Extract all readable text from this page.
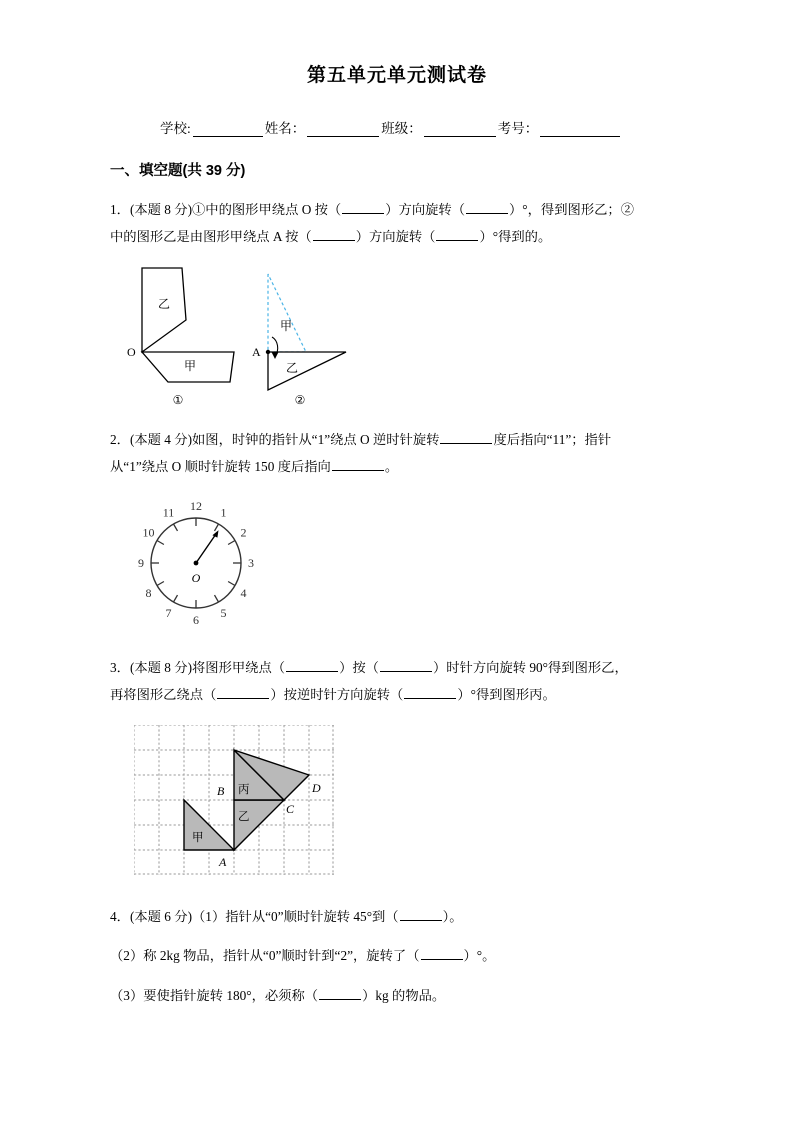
第五单元单元测试卷
学校:	姓名：	班级：	考号：
一、填空题(共 39 分)
1．(本题 8 分)①中的图形甲绕点 O 按（	）方向旋转（	）°，得到图形乙；②
中的图形乙是由图形甲绕点 A 按（	）方向旋转（	）°得到的。
乙
甲
O
①
甲
乙
A
②
2．(本题 4 分)如图，时钟的指针从“1”绕点 O 逆时针旋转	度后指向“11”；指针
从“1”绕点 O 顺时针旋转 150 度后指向	。
12 1
2
3
4
5
6
7
8
9
10
11
O
3．(本题 8 分)将图形甲绕点（	）按（	）时针方向旋转 90°得到图形乙，
再将图形乙绕点（	）按逆时针方向旋转（	）°得到图形丙。
甲
乙
丙
A
B
C
D
4．(本题 6 分)（1）指针从“0”顺时针旋转 45°到（	）。
（2）称 2kg 物品，指针从“0”顺时针到“2”，旋转了（	）°。
（3）要使指针旋转 180°，必须称（	）kg 的物品。
